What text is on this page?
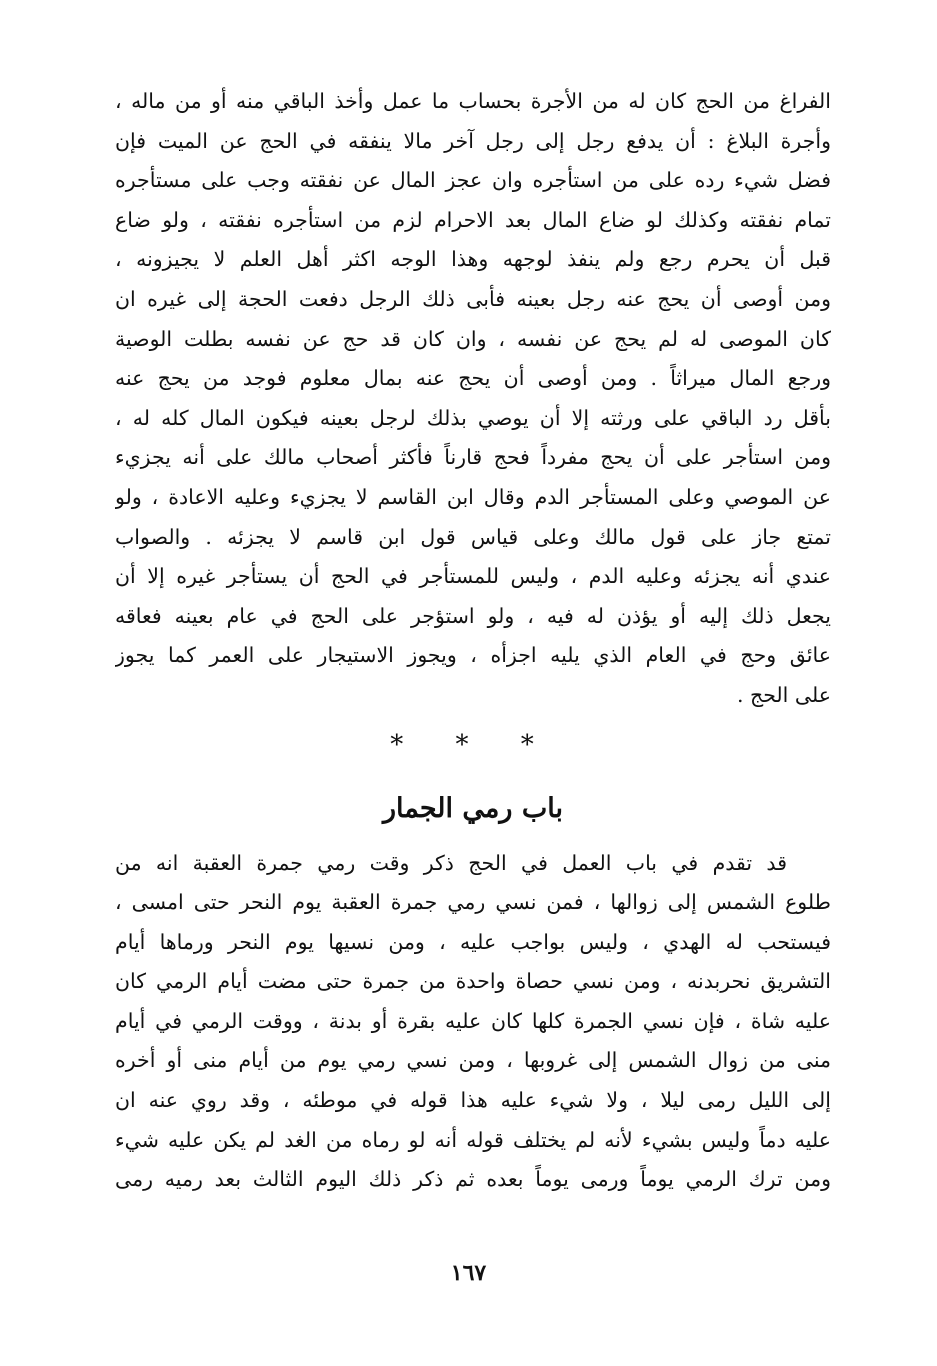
الفراغ من الحج كان له من الأجرة بحساب ما عمل وأخذ الباقي منه أو من ماله ،
وأجرة البلاغ : أن يدفع رجل إلى رجل آخر مالا ينفقه في الحج عن الميت فإن
فضل شيء رده على من استأجره وان عجز المال عن نفقته وجب على مستأجره
تمام نفقته وكذلك لو ضاع المال بعد الاحرام لزم من استأجره نفقته ، ولو ضاع
قبل أن يحرم رجع ولم ينفذ لوجهه وهذا الوجه اكثر أهل العلم لا يجيزونه ،
ومن أوصى أن يحج عنه رجل بعينه فأبى ذلك الرجل دفعت الحجة إلى غيره ان
كان الموصى له لم يحج عن نفسه ، وان كان قد حج عن نفسه بطلت الوصية
ورجع المال ميراثاً . ومن أوصى أن يحج عنه بمال معلوم فوجد من يحج عنه
بأقل رد الباقي على ورثته إلا أن يوصي بذلك لرجل بعينه فيكون المال كله له ،
ومن استأجر على أن يحج مفرداً فحج قارناً فأكثر أصحاب مالك على أنه يجزيء
عن الموصي وعلى المستأجر الدم وقال ابن القاسم لا يجزيء وعليه الاعادة ، ولو
تمتع جاز على قول مالك وعلى قياس قول ابن قاسم لا يجزئه . والصواب
عندي أنه يجزئه وعليه الدم ، وليس للمستأجر في الحج أن يستأجر غيره إلا أن
يجعل ذلك إليه أو يؤذن له فيه ، ولو استؤجر على الحج في عام بعينه فعاقه
عائق وحج في العام الذي يليه اجزأه ، ويجوز الاستيجار على العمر كما يجوز
على الحج .
* * *
باب رمي الجمار
قد تقدم في باب العمل في الحج ذكر وقت رمي جمرة العقبة انه من
طلوع الشمس إلى زوالها ، فمن نسي رمي جمرة العقبة يوم النحر حتى امسى ،
فيستحب له الهدي ، وليس بواجب عليه ، ومن نسيها يوم النحر ورماها أيام
التشريق نحربدنه ، ومن نسي حصاة واحدة من جمرة حتى مضت أيام الرمي كان
عليه شاة ، فإن نسي الجمرة كلها كان عليه بقرة أو بدنة ، ووقت الرمي في أيام
منى من زوال الشمس إلى غروبها ، ومن نسي رمي يوم من أيام منى أو أخره
إلى الليل رمى ليلا ، ولا شيء عليه هذا قوله في موطئه ، وقد روي عنه ان
عليه دماً وليس بشيء لأنه لم يختلف قوله أنه لو رماه من الغد لم يكن عليه شيء
ومن ترك الرمي يوماً ورمى يوماً بعده ثم ذكر ذلك اليوم الثالث بعد رميه رمى
١٦٧
